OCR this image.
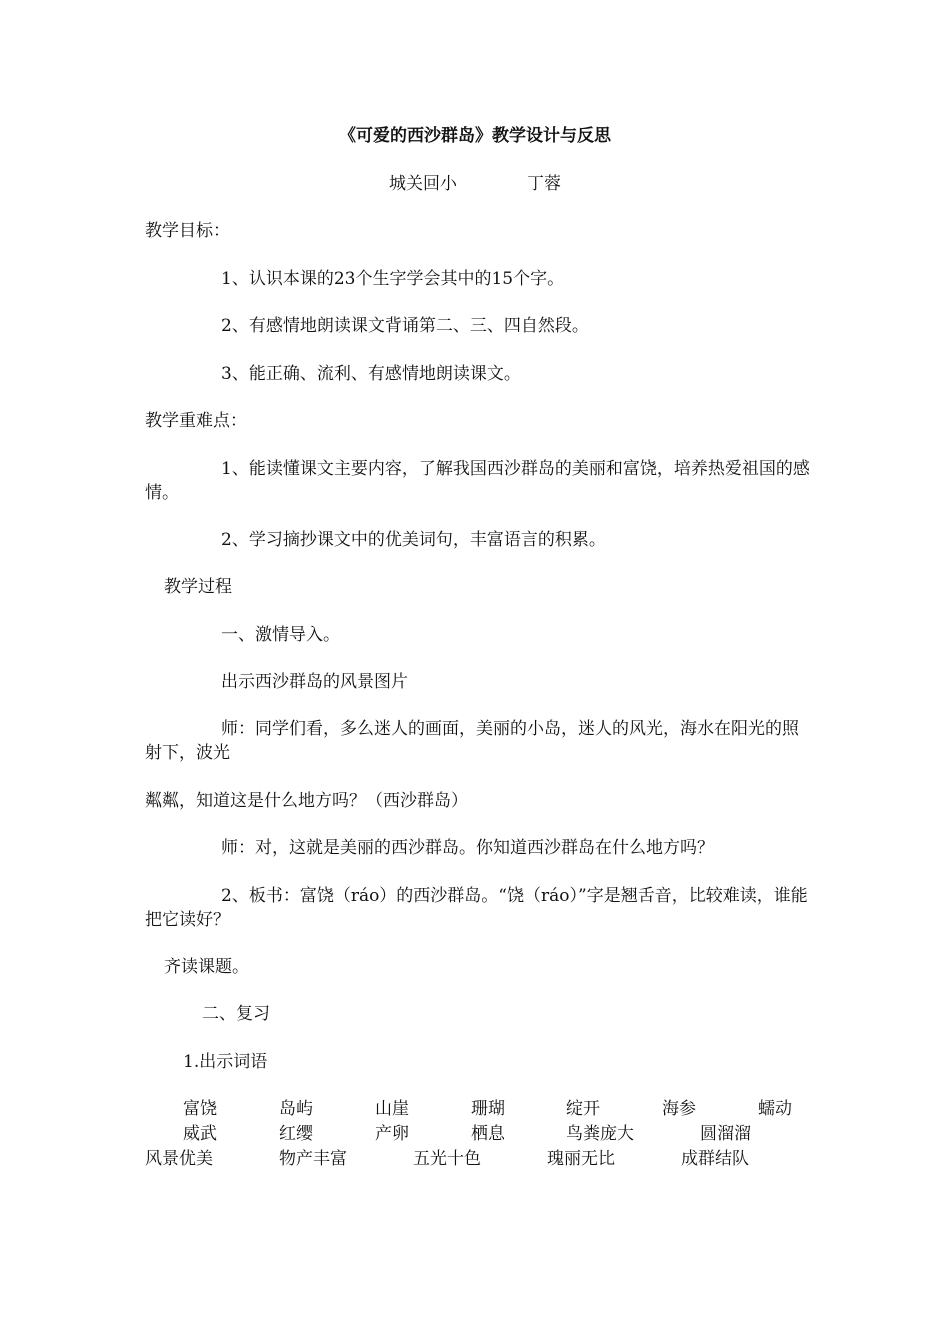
《可爱的西沙群岛》教学设计与反思
城关回小	丁蓉
教学目标：
1、认识本课的23个生字学会其中的15个字。
2、有感情地朗读课文背诵第二、三、四自然段。
3、能正确、流利、有感情地朗读课文。
教学重难点：
1、能读懂课文主要内容，了解我国西沙群岛的美丽和富饶，培养热爱祖国的感情。
2、学习摘抄课文中的优美词句，丰富语言的积累。
教学过程
一、激情导入。
出示西沙群岛的风景图片
师：同学们看，多么迷人的画面，美丽的小岛，迷人的风光，海水在阳光的照射下，波光
粼粼，知道这是什么地方吗？（西沙群岛）
师：对，这就是美丽的西沙群岛。你知道西沙群岛在什么地方吗？
2、板书：富饶（ráo）的西沙群岛。“饶（ráo）”字是翘舌音，比较难读，谁能把它读好？
齐读课题。
二、复习
1.出示词语
富饶	岛屿	山崖	珊瑚	绽开	海参	蠕动
威武	红缨	产卵	栖息	鸟粪庞大	圆溜溜
风景优美	物产丰富	五光十色	瑰丽无比	成群结队
